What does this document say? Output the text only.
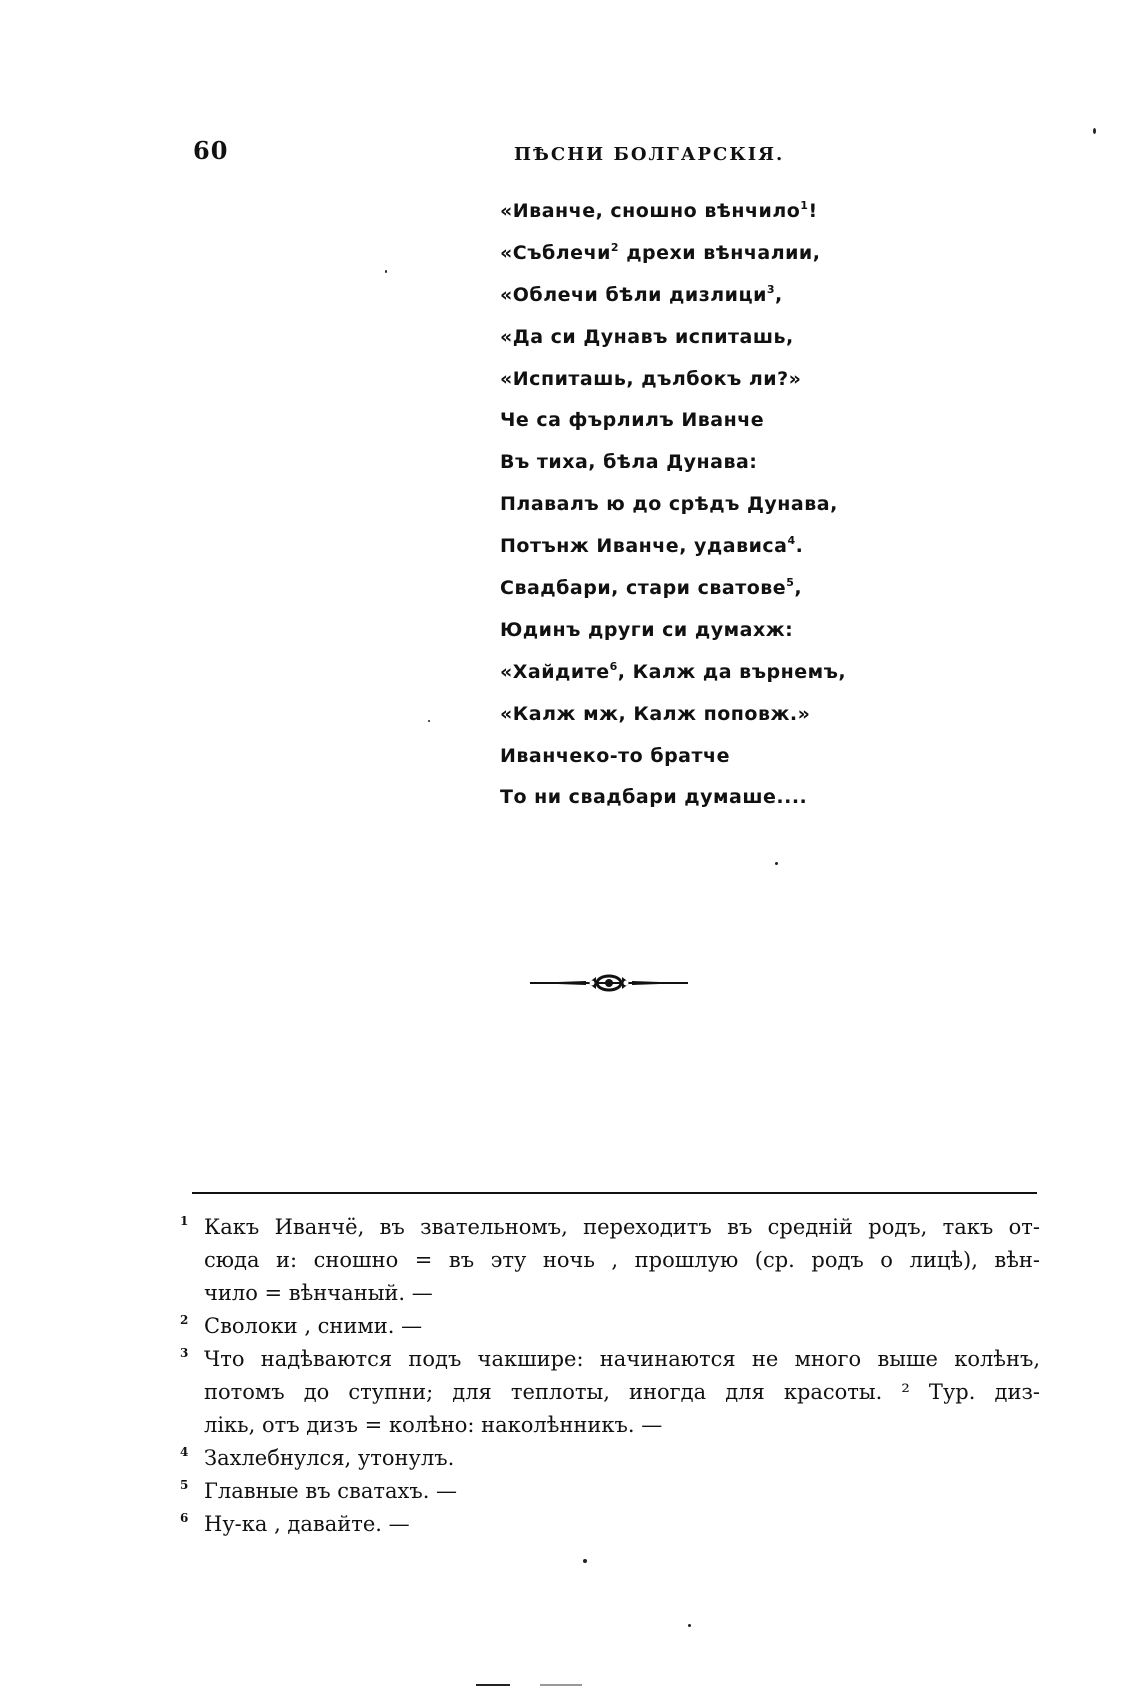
60	ПѢСНИ БОЛГАРСКІЯ.
«Иванче, сношно вѣнчило$^1$!
«Съблечи$^2$ дрехи вѣнчалии,
«Облечи бѣли дизлици$^3$,
«Да си Дунавъ испиташь,
«Испиташь, дълбокъ ли?»
Че са фърлилъ Иванче
Въ тиха, бѣла Дунава:
Плавалъ ю до срѣдъ Дунава,
Потънж Иванче, удависа$^4$.
Свадбари, стари сватове$^5$,
Юдинъ други си думахж:
«Хайдите$^6$, Калж да върнемъ,
«Калж мж, Калж поповж.»
Иванчеко-то братче
То ни свадбари думаше....
1 Какъ Иванчё, въ звательномъ, переходитъ въ средній родъ, такъ от-
сюда и: сношно = въ эту ночь , прошлую (ср. родъ о лицѣ), вѣн-
чило = вѣнчаный. —
2 Сволоки , сними. —
3 Что надѣваются подъ чакшире: начинаются не много выше колѣнъ,
потомъ до ступни; для теплоты, иногда для красоты. ² Тур. диз-
лікь, отъ дизъ = колѣно: наколѣнникъ. —
4 Захлебнулся, утонулъ.
5 Главные въ сватахъ. —
6 Ну-ка , давайте. —
